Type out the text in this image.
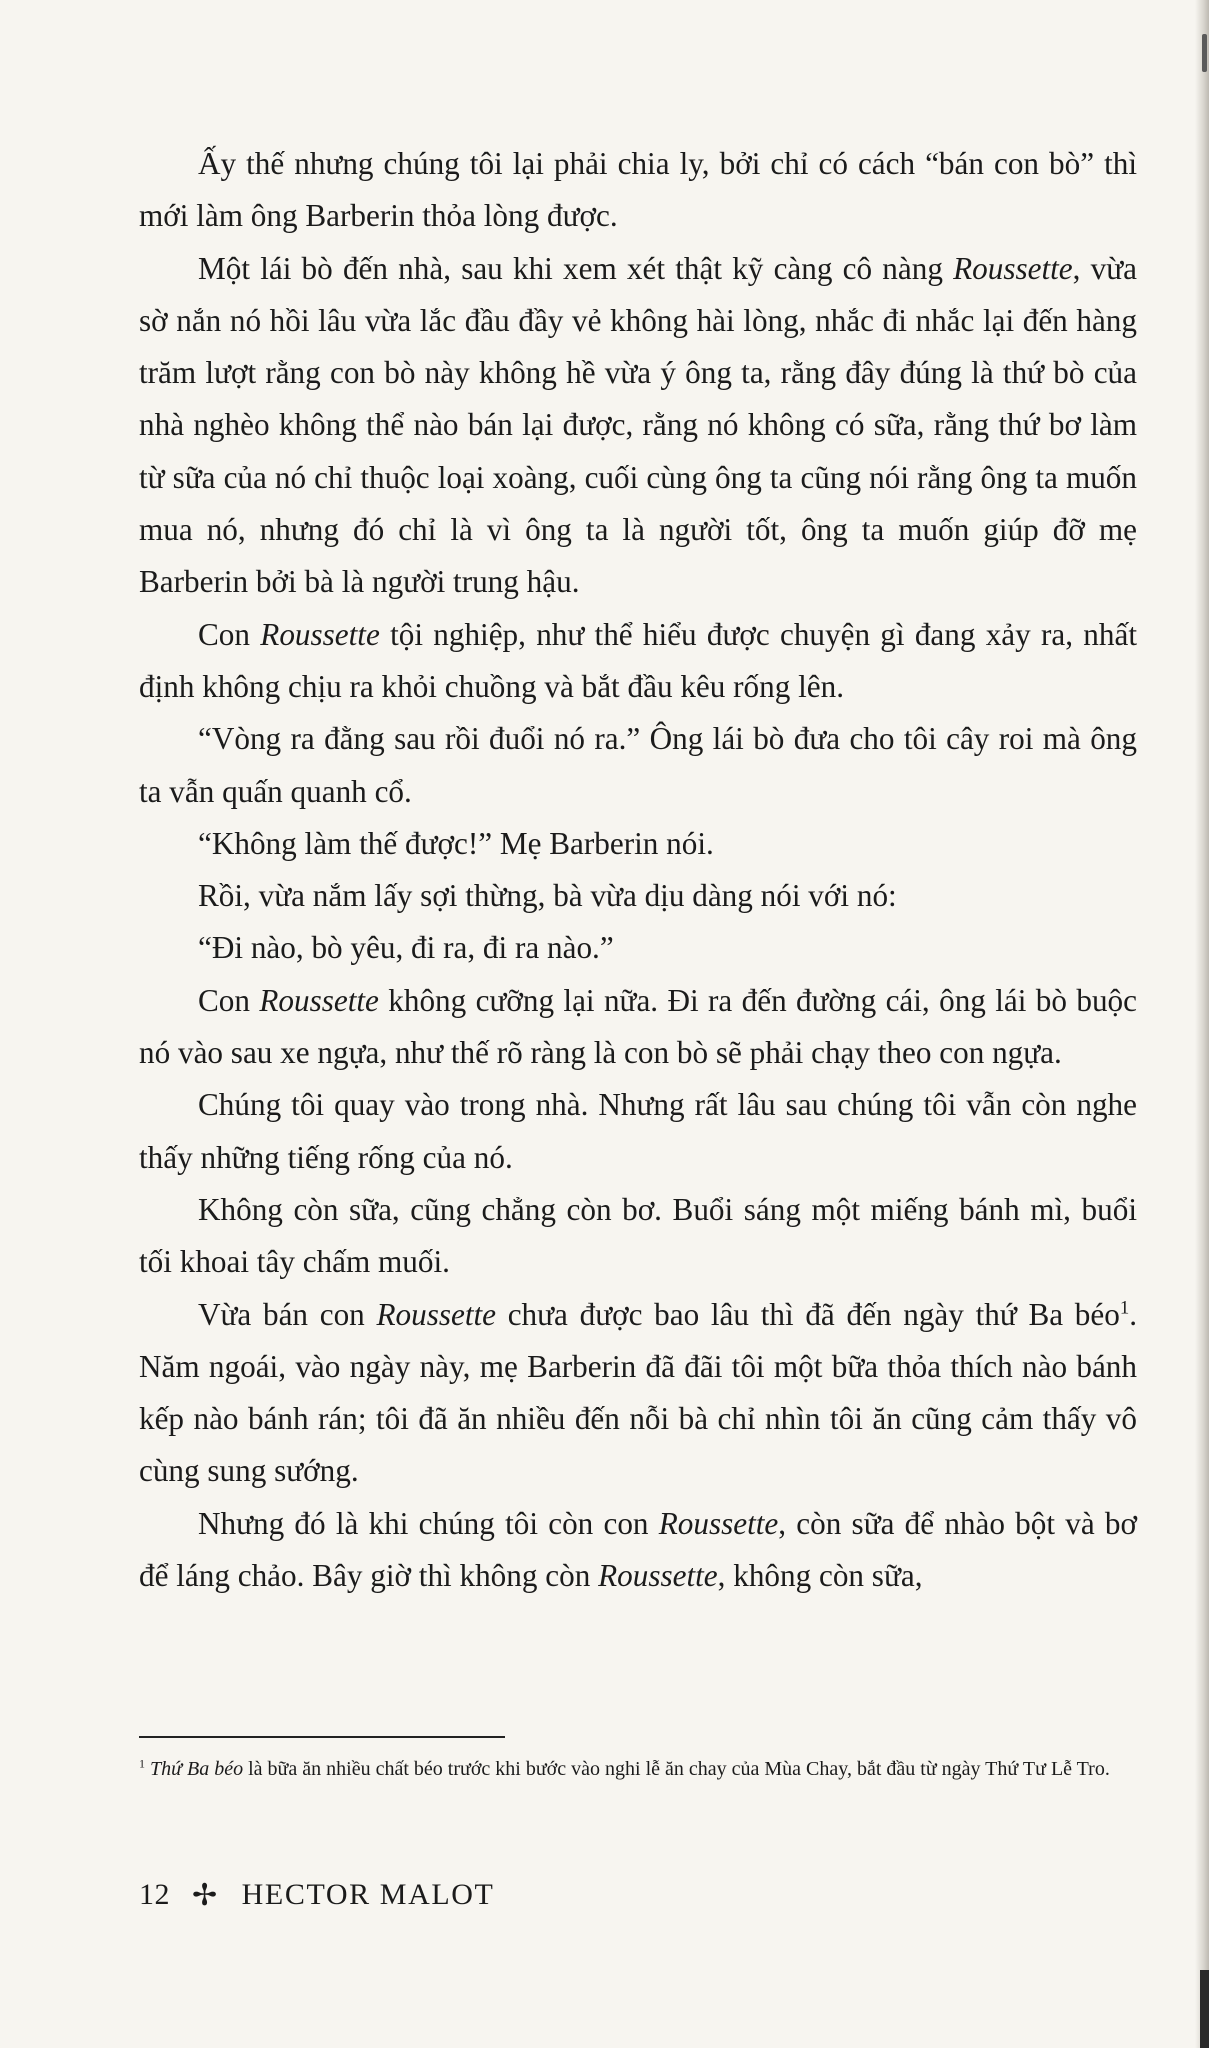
Ấy thế nhưng chúng tôi lại phải chia ly, bởi chỉ có cách “bán con bò” thì mới làm ông Barberin thỏa lòng được.

Một lái bò đến nhà, sau khi xem xét thật kỹ càng cô nàng Roussette, vừa sờ nắn nó hồi lâu vừa lắc đầu đầy vẻ không hài lòng, nhắc đi nhắc lại đến hàng trăm lượt rằng con bò này không hề vừa ý ông ta, rằng đây đúng là thứ bò của nhà nghèo không thể nào bán lại được, rằng nó không có sữa, rằng thứ bơ làm từ sữa của nó chỉ thuộc loại xoàng, cuối cùng ông ta cũng nói rằng ông ta muốn mua nó, nhưng đó chỉ là vì ông ta là người tốt, ông ta muốn giúp đỡ mẹ Barberin bởi bà là người trung hậu.

Con Roussette tội nghiệp, như thể hiểu được chuyện gì đang xảy ra, nhất định không chịu ra khỏi chuồng và bắt đầu kêu rống lên.

“Vòng ra đằng sau rồi đuổi nó ra.” Ông lái bò đưa cho tôi cây roi mà ông ta vẫn quấn quanh cổ.

“Không làm thế được!” Mẹ Barberin nói.

Rồi, vừa nắm lấy sợi thừng, bà vừa dịu dàng nói với nó:

“Đi nào, bò yêu, đi ra, đi ra nào.”

Con Roussette không cưỡng lại nữa. Đi ra đến đường cái, ông lái bò buộc nó vào sau xe ngựa, như thế rõ ràng là con bò sẽ phải chạy theo con ngựa.

Chúng tôi quay vào trong nhà. Nhưng rất lâu sau chúng tôi vẫn còn nghe thấy những tiếng rống của nó.

Không còn sữa, cũng chẳng còn bơ. Buổi sáng một miếng bánh mì, buổi tối khoai tây chấm muối.

Vừa bán con Roussette chưa được bao lâu thì đã đến ngày thứ Ba béo$^1$. Năm ngoái, vào ngày này, mẹ Barberin đã đãi tôi một bữa thỏa thích nào bánh kếp nào bánh rán; tôi đã ăn nhiều đến nỗi bà chỉ nhìn tôi ăn cũng cảm thấy vô cùng sung sướng.

Nhưng đó là khi chúng tôi còn con Roussette, còn sữa để nhào bột và bơ để láng chảo. Bây giờ thì không còn Roussette, không còn sữa,

$^1$ Thứ Ba béo là bữa ăn nhiều chất béo trước khi bước vào nghi lễ ăn chay của Mùa Chay, bắt đầu từ ngày Thứ Tư Lễ Tro.
12 ✢ HECTOR MALOT
